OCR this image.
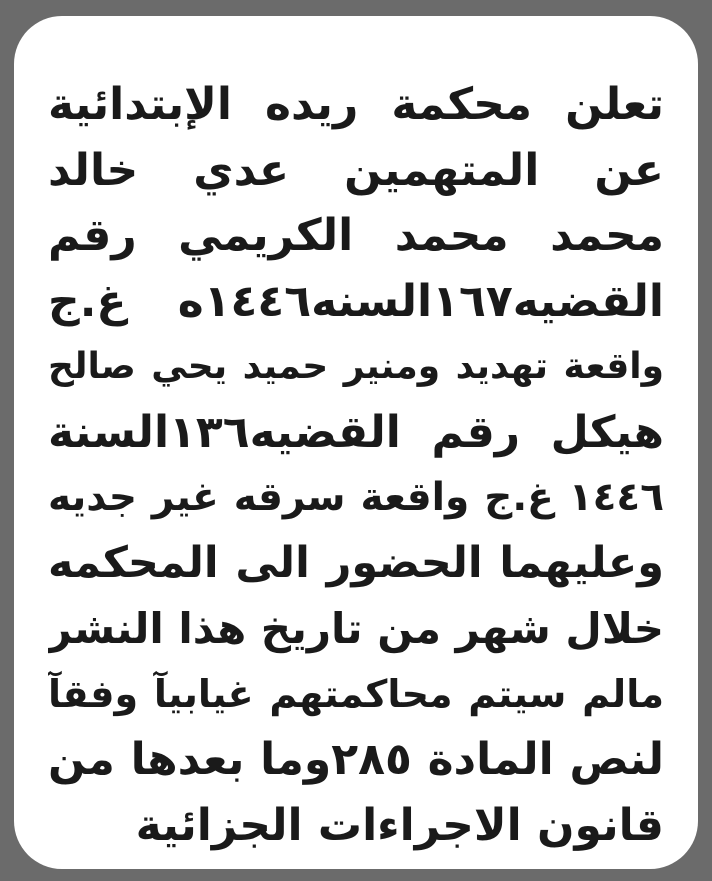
تعلن محكمة ريده الإبتدائية
عن المتهمين عدي خالد
محمد محمد الكريمي رقم
القضيه١٦٧السنه١٤٤٦ه غ.ج
واقعة تهديد ومنير حميد يحي صالح
هيكل رقم القضيه١٣٦السنة
١٤٤٦ غ.ج واقعة سرقه غير جديه
وعليهما الحضور الى المحكمه
خلال شهر من تاريخ هذا النشر
مالم سيتم محاكمتهم غيابيآ وفقآ
لنص المادة ٢٨٥وما بعدها من
قانون الاجراءات الجزائية
